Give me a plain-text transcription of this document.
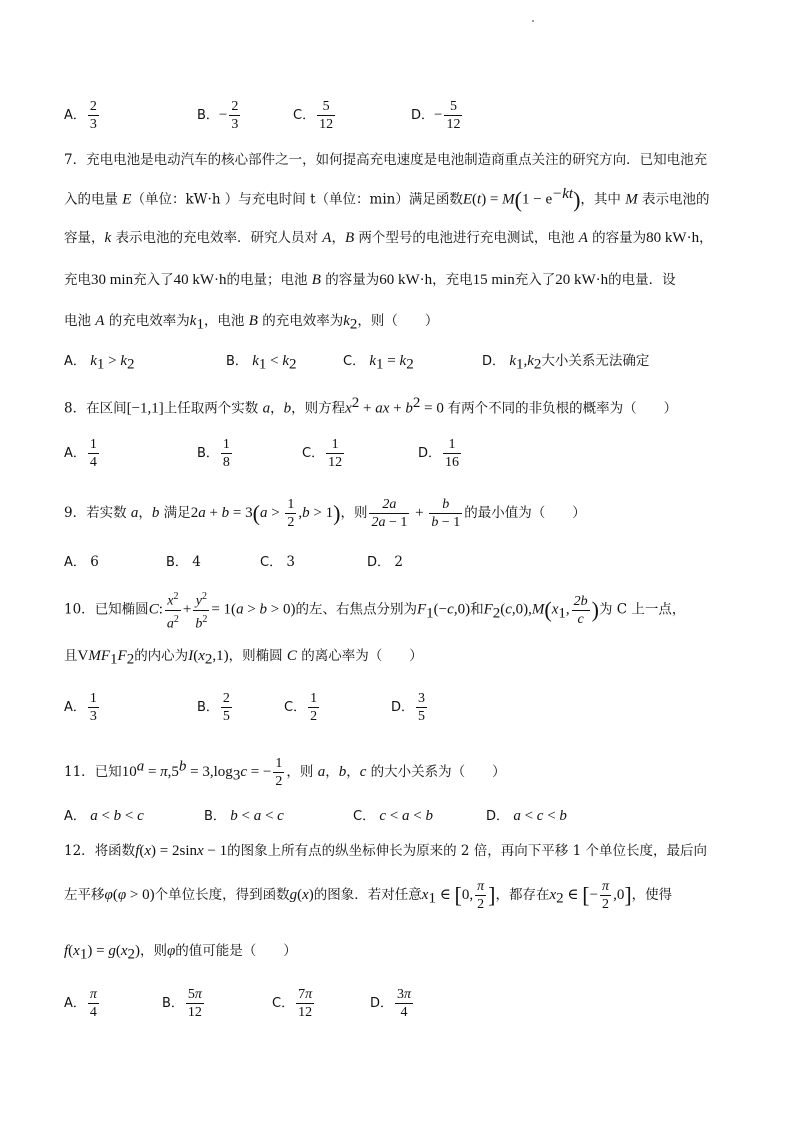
A． $\frac{2}{3}$	B．− $\frac{2}{3}$	C． $\frac{5}{12}$	D．− $\frac{5}{12}$
7．充电电池是电动汽车的核心部件之一，如何提高充电速度是电池制造商重点关注的研究方向．已知电池充
入的电量 E（单位：kW·h ）与充电时间 t（单位：min）满足函数$E(t) = M(1 - e^{-kt})$，其中 M 表示电池的
容量，k 表示电池的充电效率．研究人员对 A，B 两个型号的电池进行充电测试，电池 A 的容量为80 kW·h，
充电30 min充入了40 kW·h的电量；电池 B 的容量为60 kW·h，充电15 min充入了20 kW·h的电量．设
电池 A 的充电效率为$k_1$，电池 B 的充电效率为$k_2$，则（　　）
A． $k_1 > k_2$	B． $k_1 < k_2$	C． $k_1 = k_2$	D． $k_1,k_2$大小关系无法确定
8．在区间[−1,1]上任取两个实数 a，b，则方程$x^2$ + ax + $b^2 = 0$ 有两个不同的非负根的概率为（　　）
A． $\frac{1}{4}$	B． $\frac{1}{8}$	C． $\frac{1}{12}$	D． $\frac{1}{16}$
9．若实数 a，b 满足$2a + b = 3(a > \frac{1}{2} ,b > 1)$，则 $\frac{2a}{2a - 1} + \frac{b}{b - 1}$ 的最小值为（　　）
A． 6	B． 4	C． 3	D． 2
10．已知椭圆C: $\frac{x^2}{a^2} + \frac{y^2}{b^2} = 1(a > b > 0)$的左、右焦点分别为$F_1(-c,0)$和$F_2(c,0),M(x_1$, $\frac{2b}{c}$ )为 C 上一点，
且$VMF_1F_2$的内心为$I(x_2,1)$，则椭圆 C 的离心率为（　　）
A． $\frac{1}{3}$	B． $\frac{2}{5}$	C． $\frac{1}{2}$	D． $\frac{3}{5}$
11．已知$10^a = \pi,5^b = 3,\log_3c$ = − $\frac{1}{2}$ ，则 a，b，c 的大小关系为（　　）
A． a < b < c	B． b < a < c	C． c < a < b	D． a < c < b
12．将函数f(x) = 2sinx − 1的图象上所有点的纵坐标伸长为原来的 2 倍，再向下平移 1 个单位长度，最后向
左平移φ(φ > 0)个单位长度，得到函数g(x)的图象．若对任意$x_1$ ∈ [0, $\frac{\pi}{2}$ ]，都存在$x_2$ ∈ [− $\frac{\pi}{2} ,0$]，使得
$f(x_1) = g(x_2)$，则φ的值可能是（　　）
A． $\frac{\pi}{4}$	B． $\frac{5\pi}{12}$	C． $\frac{7\pi}{12}$	D． $\frac{3\pi}{4}$
